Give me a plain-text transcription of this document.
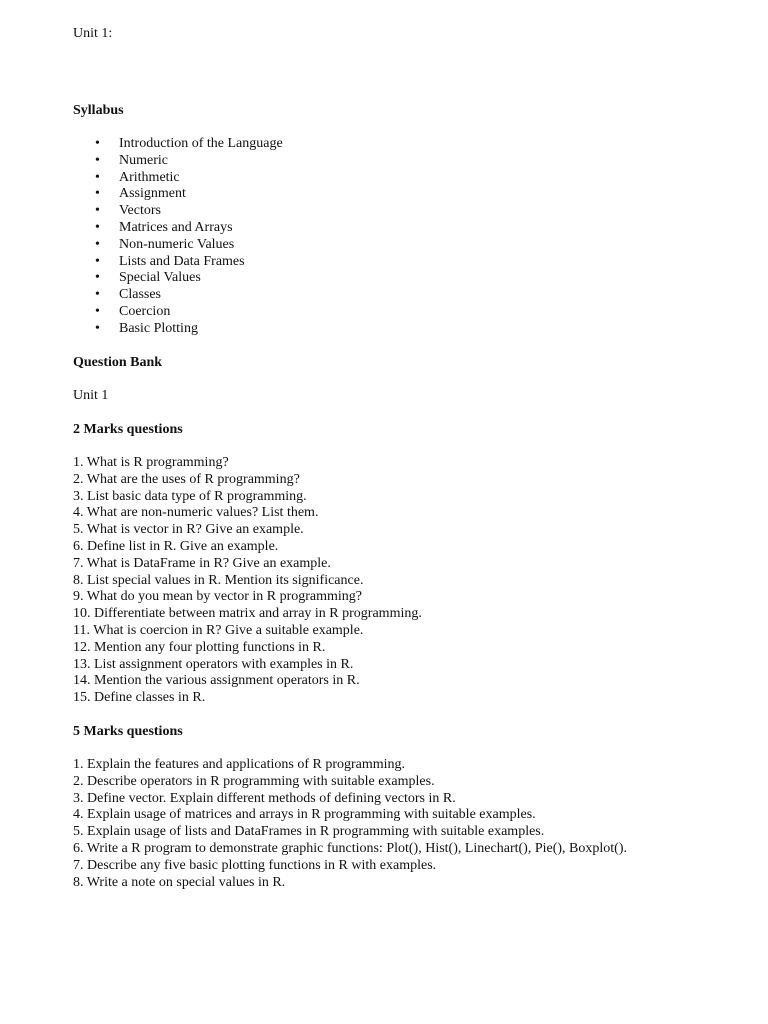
Unit 1:
Syllabus
• Introduction of the Language
• Numeric
• Arithmetic
• Assignment
• Vectors
• Matrices and Arrays
• Non-numeric Values
• Lists and Data Frames
• Special Values
• Classes
• Coercion
• Basic Plotting
Question Bank
Unit 1
2 Marks questions
1. What is R programming?
2. What are the uses of R programming?
3. List basic data type of R programming.
4. What are non-numeric values? List them.
5. What is vector in R? Give an example.
6. Define list in R. Give an example.
7. What is DataFrame in R? Give an example.
8. List special values in R. Mention its significance.
9. What do you mean by vector in R programming?
10. Differentiate between matrix and array in R programming.
11. What is coercion in R? Give a suitable example.
12. Mention any four plotting functions in R.
13. List assignment operators with examples in R.
14. Mention the various assignment operators in R.
15. Define classes in R.
5 Marks questions
1. Explain the features and applications of R programming.
2. Describe operators in R programming with suitable examples.
3. Define vector. Explain different methods of defining vectors in R.
4. Explain usage of matrices and arrays in R programming with suitable examples.
5. Explain usage of lists and DataFrames in R programming with suitable examples.
6. Write a R program to demonstrate graphic functions: Plot(), Hist(), Linechart(), Pie(), Boxplot().
7. Describe any five basic plotting functions in R with examples.
8. Write a note on special values in R.
